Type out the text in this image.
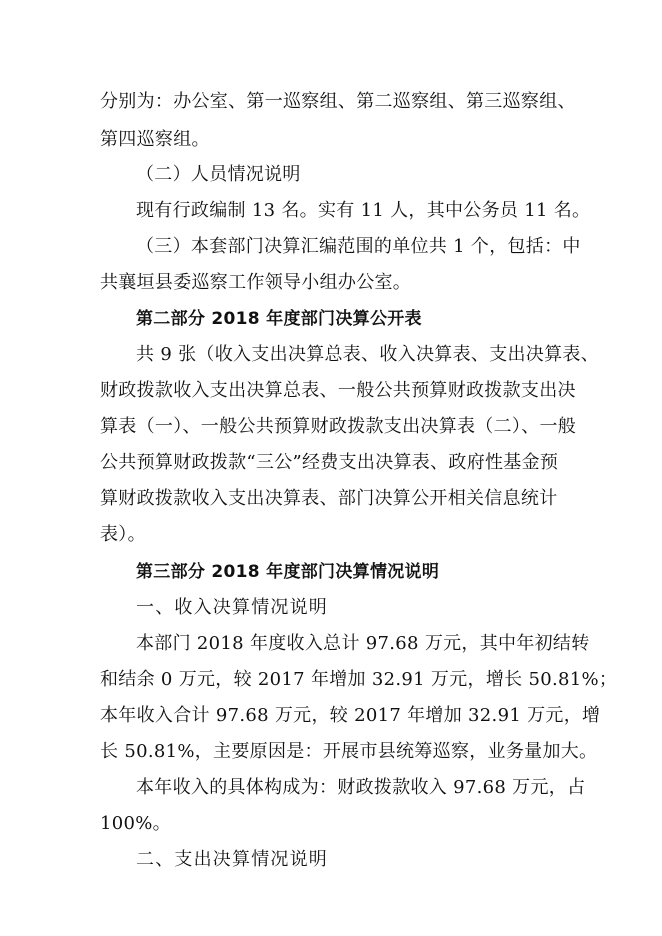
分别为：办公室、第一巡察组、第二巡察组、第三巡察组、
第四巡察组。
（二）人员情况说明
现有行政编制 13 名。实有 11 人，其中公务员 11 名。
（三）本套部门决算汇编范围的单位共 1 个，包括：中
共襄垣县委巡察工作领导小组办公室。
第二部分 2018 年度部门决算公开表
共 9 张（收入支出决算总表、收入决算表、支出决算表、
财政拨款收入支出决算总表、一般公共预算财政拨款支出决
算表（一）、一般公共预算财政拨款支出决算表（二）、一般
公共预算财政拨款“三公”经费支出决算表、政府性基金预
算财政拨款收入支出决算表、部门决算公开相关信息统计
表）。
第三部分 2018 年度部门决算情况说明
一、收入决算情况说明
本部门 2018 年度收入总计 97.68 万元，其中年初结转
和结余 0 万元，较 2017 年增加 32.91 万元，增长 50.81%；
本年收入合计 97.68 万元，较 2017 年增加 32.91 万元，增
长 50.81%，主要原因是：开展市县统筹巡察，业务量加大。
本年收入的具体构成为：财政拨款收入 97.68 万元，占
100%。
二、支出决算情况说明
